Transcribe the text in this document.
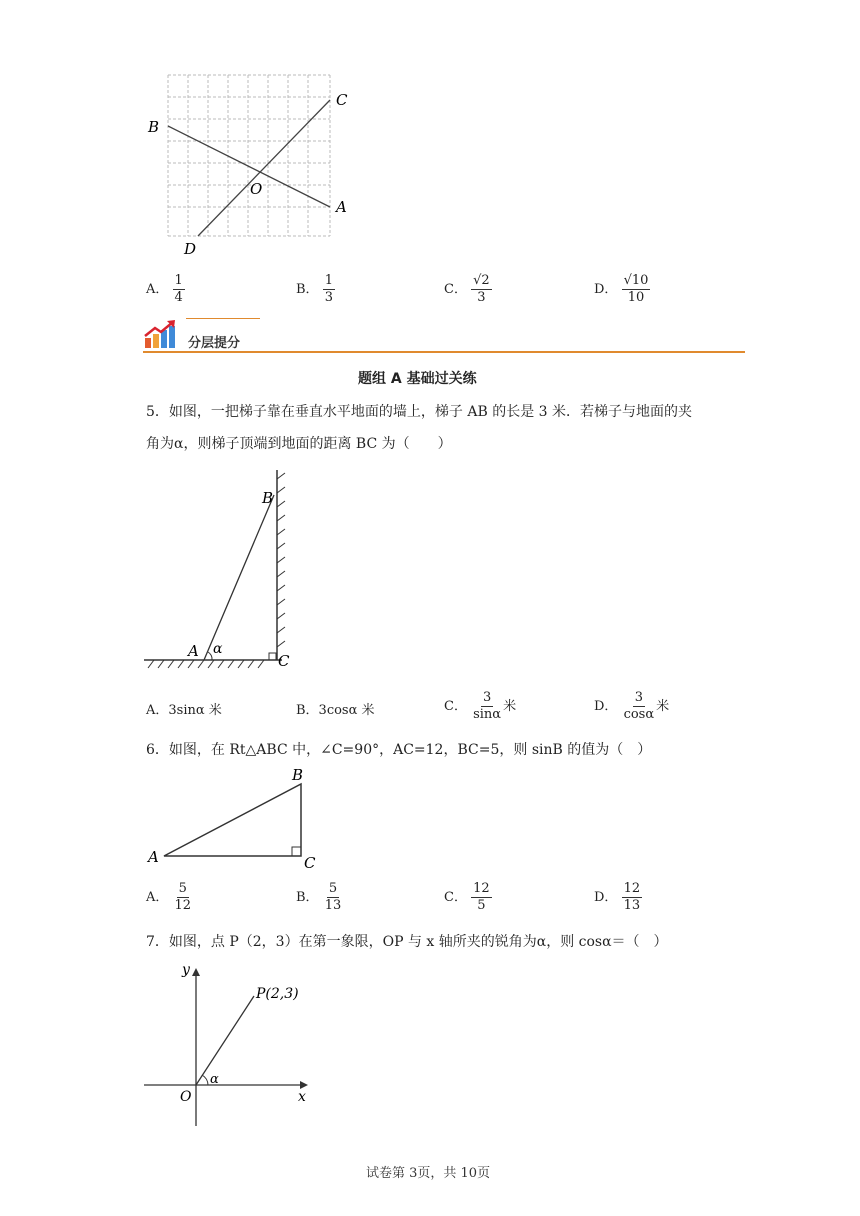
B
C
O
A
D
A． $\frac{1}{4}$	B． $\frac{1}{3}$	C． $\frac{√2}{3}$	D． $\frac{√10}{10}$
分层提分
题组 A 基础过关练
5．如图，一把梯子靠在垂直水平地面的墙上，梯子 AB 的长是 3 米．若梯子与地面的夹
角为α，则梯子顶端到地面的距离 BC 为（　　）
B
A α
C
A．3sinα 米	B．3cosα 米	C． $\frac{3}{\sin\alpha}$ 米	D． $\frac{3}{\cos\alpha}$ 米
6．如图，在 Rt△ABC 中，∠C=90°，AC=12，BC=5，则 sinB 的值为（　）
B
A	C
A． $\frac{5}{12}$	B． $\frac{5}{13}$	C． $\frac{12}{5}$	D． $\frac{12}{13}$
7．如图，点 P（2，3）在第一象限，OP 与 x 轴所夹的锐角为α，则 cosα＝（　）
y
P(2,3)
α
O	x
试卷第 3页，共 10页
